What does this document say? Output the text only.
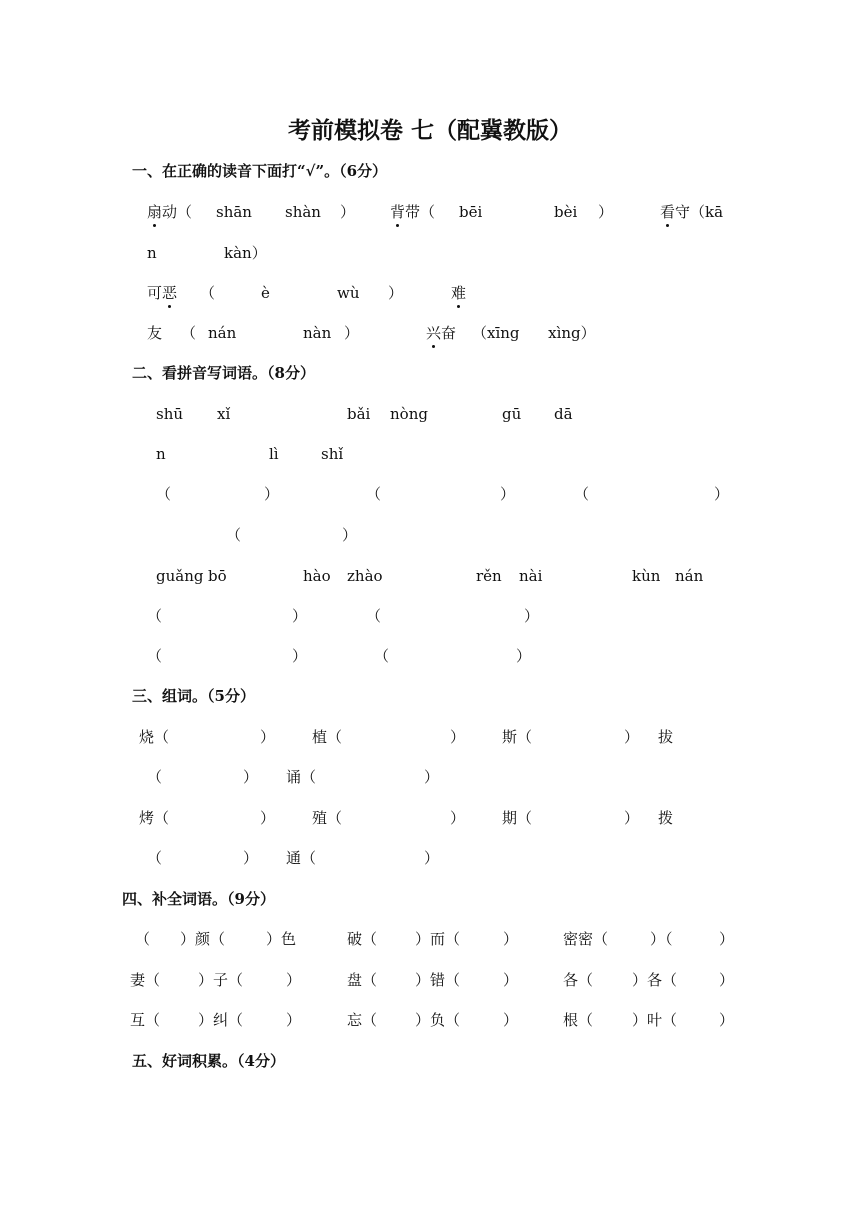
考前模拟卷 七（配冀教版）
一、在正确的读音下面打“√”。（6分）
扇动（ shān shàn ） 背带（ bēi	bèi ）	看守（kā
n	kàn）
可恶 （	è	wù ）	难
友 （ nán	nàn ）	兴奋 （xīng      xìng）
二、看拼音写词语。（8分）
shū xǐ	bǎi nòng	gū dā
n	lì	shǐ
（	）	（	）	（	）
（	）
guǎng bō	hào zhào	rěn nài	kùn nán
（	）	（	）
（	）	（	）
三、组词。（5分）
烧（	） 植（	） 斯（	） 拔
（	） 诵（	）
烤（	） 殖（	） 期（	） 拨
（	） 通（	）
四、补全词语。（9分）
（ ）颜（	）色	破（	）而（	）	密密（	）（	）
妻（	）子（	）	盘（	）错（	）	各（	）各（	）
互（	）纠（	）	忘（	）负（	）	根（	）叶（	）
五、好词积累。（4分）
